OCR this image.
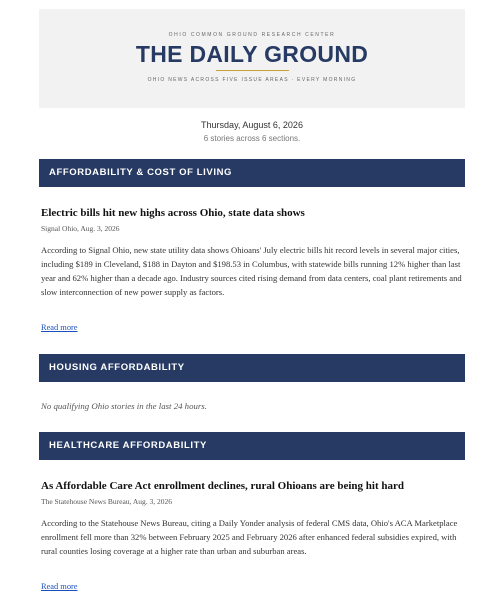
OHIO COMMON GROUND RESEARCH CENTER
THE DAILY GROUND
OHIO NEWS ACROSS FIVE ISSUE AREAS · EVERY MORNING
Thursday, August 6, 2026
6 stories across 6 sections.
AFFORDABILITY & COST OF LIVING
Electric bills hit new highs across Ohio, state data shows
Signal Ohio, Aug. 3, 2026
According to Signal Ohio, new state utility data shows Ohioans' July electric bills hit record levels in several major cities, including $189 in Cleveland, $188 in Dayton and $198.53 in Columbus, with statewide bills running 12% higher than last year and 62% higher than a decade ago. Industry sources cited rising demand from data centers, coal plant retirements and slow interconnection of new power supply as factors.
Read more
HOUSING AFFORDABILITY
No qualifying Ohio stories in the last 24 hours.
HEALTHCARE AFFORDABILITY
As Affordable Care Act enrollment declines, rural Ohioans are being hit hard
The Statehouse News Bureau, Aug. 3, 2026
According to the Statehouse News Bureau, citing a Daily Yonder analysis of federal CMS data, Ohio's ACA Marketplace enrollment fell more than 32% between February 2025 and February 2026 after enhanced federal subsidies expired, with rural counties losing coverage at a higher rate than urban and suburban areas.
Read more
